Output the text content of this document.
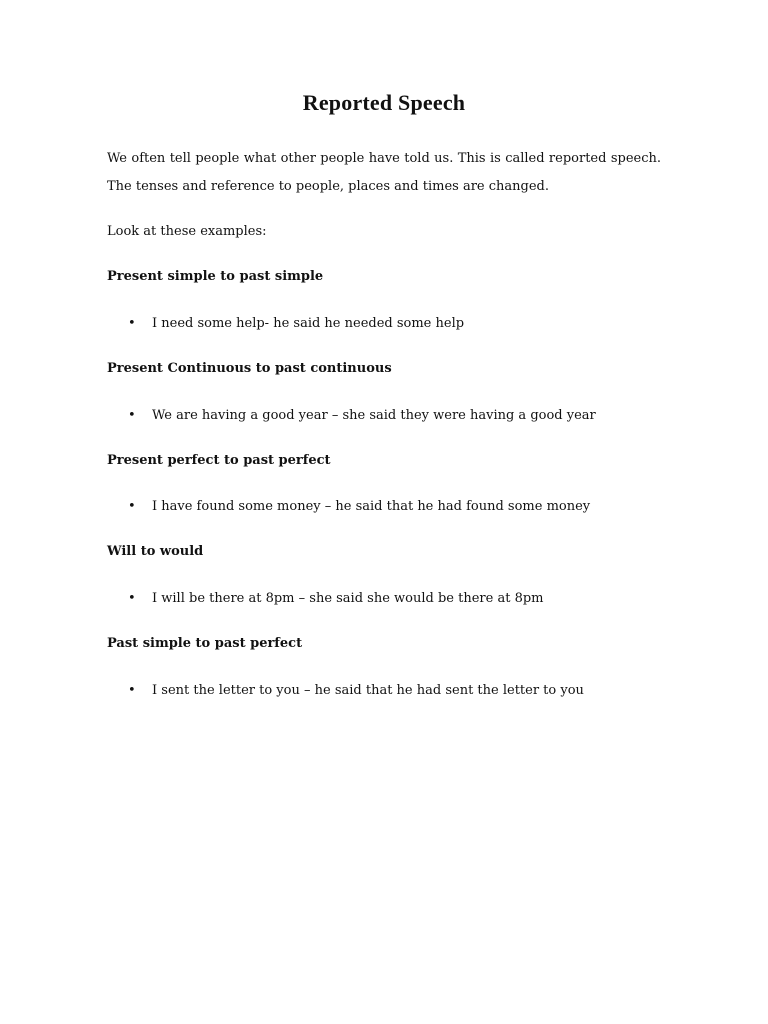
Reported Speech
We often tell people what other people have told us. This is called reported speech.
The tenses and reference to people, places and times are changed.
Look at these examples:
Present simple to past simple
• I need some help- he said he needed some help
Present Continuous to past continuous
• We are having a good year – she said they were having a good year
Present perfect to past perfect
• I have found some money – he said that he had found some money
Will to would
• I will be there at 8pm – she said she would be there at 8pm
Past simple to past perfect
• I sent the letter to you – he said that he had sent the letter to you
